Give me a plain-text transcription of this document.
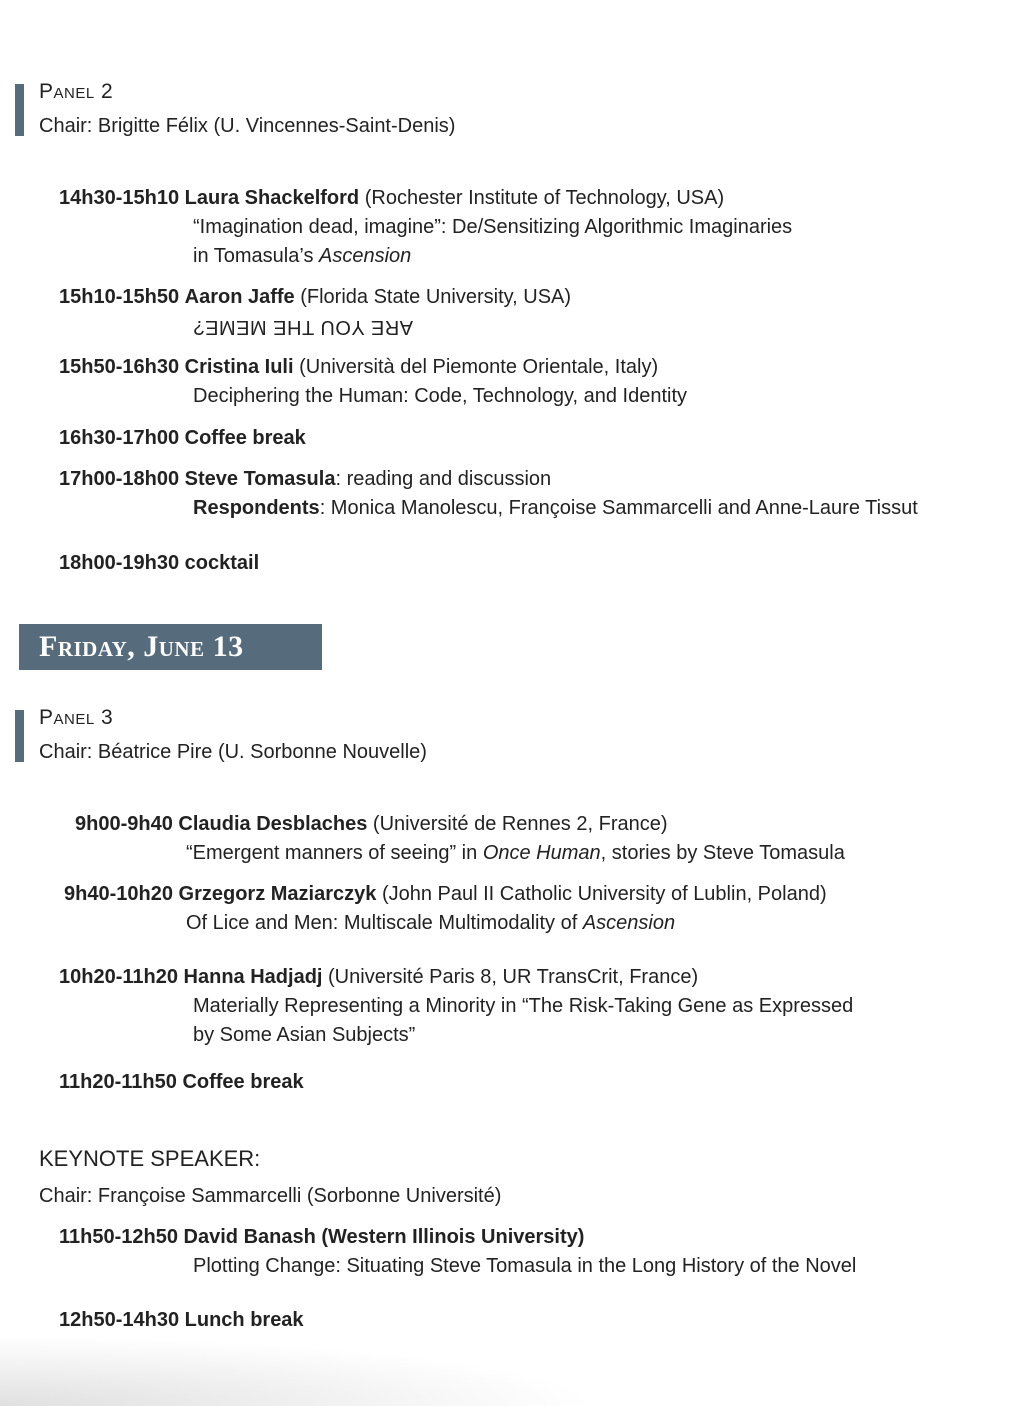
Panel 2
Chair: Brigitte Félix (U. Vincennes-Saint-Denis)
14h30-15h10 Laura Shackelford (Rochester Institute of Technology, USA)
“Imagination dead, imagine”: De/Sensitizing Algorithmic Imaginaries
in Tomasula’s Ascension
15h10-15h50 Aaron Jaffe (Florida State University, USA)
ARE YOU THE MEME?
15h50-16h30 Cristina Iuli (Università del Piemonte Orientale, Italy)
Deciphering the Human: Code, Technology, and Identity
16h30-17h00 Coffee break
17h00-18h00 Steve Tomasula: reading and discussion
Respondents: Monica Manolescu, Françoise Sammarcelli and Anne-Laure Tissut
18h00-19h30 cocktail
Friday, June 13
Panel 3
Chair: Béatrice Pire (U. Sorbonne Nouvelle)
9h00-9h40 Claudia Desblaches (Université de Rennes 2, France)
“Emergent manners of seeing” in Once Human, stories by Steve Tomasula
9h40-10h20 Grzegorz Maziarczyk (John Paul II Catholic University of Lublin, Poland)
Of Lice and Men: Multiscale Multimodality of Ascension
10h20-11h20 Hanna Hadjadj (Université Paris 8, UR TransCrit, France)
Materially Representing a Minority in “The Risk-Taking Gene as Expressed
by Some Asian Subjects”
11h20-11h50 Coffee break
KEYNOTE SPEAKER:
Chair: Françoise Sammarcelli (Sorbonne Université)
11h50-12h50 David Banash (Western Illinois University)
Plotting Change: Situating Steve Tomasula in the Long History of the Novel
12h50-14h30 Lunch break
